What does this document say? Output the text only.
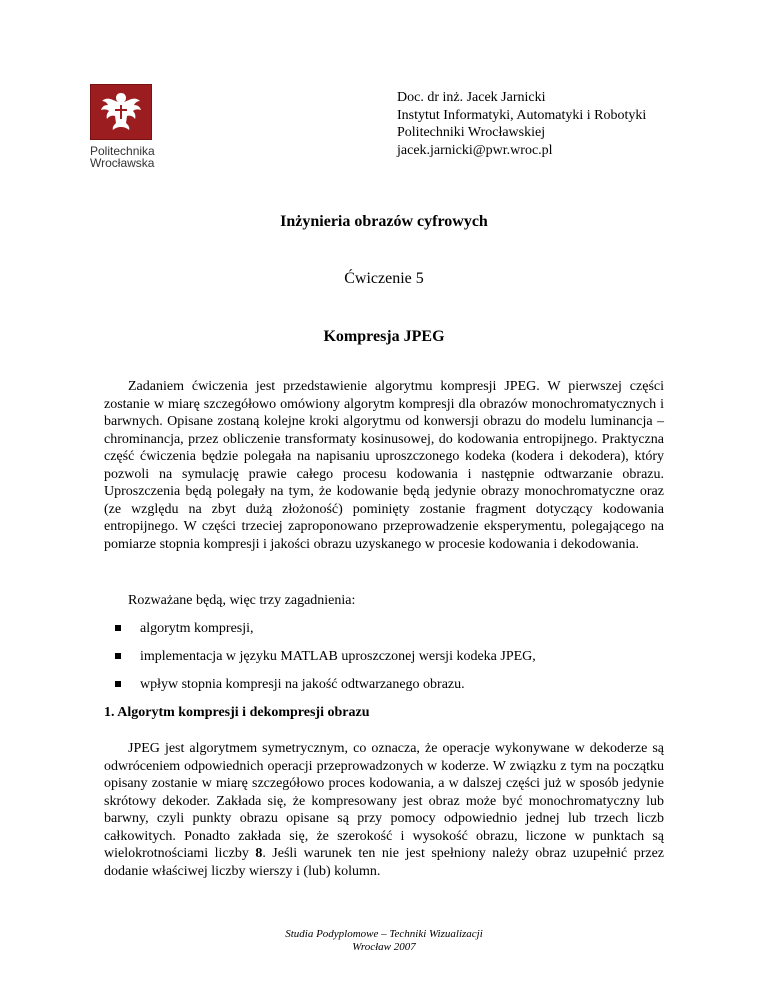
Politechnika
Wrocławska
Doc. dr inż. Jacek Jarnicki
Instytut Informatyki, Automatyki i Robotyki
Politechniki Wrocławskiej
jacek.jarnicki@pwr.wroc.pl
Inżynieria obrazów cyfrowych
Ćwiczenie 5
Kompresja JPEG
Zadaniem ćwiczenia jest przedstawienie algorytmu kompresji JPEG. W pierwszej części zostanie w miarę szczegółowo omówiony algorytm kompresji dla obrazów monochromatycznych i barwnych. Opisane zostaną kolejne kroki algorytmu od konwersji obrazu do modelu luminancja – chrominancja, przez obliczenie transformaty kosinusowej, do kodowania entropijnego. Praktyczna część ćwiczenia będzie polegała na napisaniu uproszczonego kodeka (kodera i dekodera), który pozwoli na symulację prawie całego procesu kodowania i następnie odtwarzanie obrazu. Uproszczenia będą polegały na tym, że kodowanie będą jedynie obrazy monochromatyczne oraz (ze względu na zbyt dużą złożoność) pominięty zostanie fragment dotyczący kodowania entropijnego. W części trzeciej zaproponowano przeprowadzenie eksperymentu, polegającego na pomiarze stopnia kompresji i jakości obrazu uzyskanego w procesie kodowania i dekodowania.
Rozważane będą, więc trzy zagadnienia:
algorytm kompresji,
implementacja w języku MATLAB uproszczonej wersji kodeka JPEG,
wpływ stopnia kompresji na jakość odtwarzanego obrazu.
1. Algorytm kompresji i dekompresji obrazu
JPEG jest algorytmem symetrycznym, co oznacza, że operacje wykonywane w dekoderze są odwróceniem odpowiednich operacji przeprowadzonych w koderze. W związku z tym na początku opisany zostanie w miarę szczegółowo proces kodowania, a w dalszej części już w sposób jedynie skrótowy dekoder. Zakłada się, że kompresowany jest obraz może być monochromatyczny lub barwny, czyli punkty obrazu opisane są przy pomocy odpowiednio jednej lub trzech liczb całkowitych. Ponadto zakłada się, że szerokość i wysokość obrazu, liczone w punktach są wielokrotnościami liczby 8. Jeśli warunek ten nie jest spełniony należy obraz uzupełnić przez dodanie właściwej liczby wierszy i (lub) kolumn.
Studia Podyplomowe – Techniki Wizualizacji
Wrocław 2007
